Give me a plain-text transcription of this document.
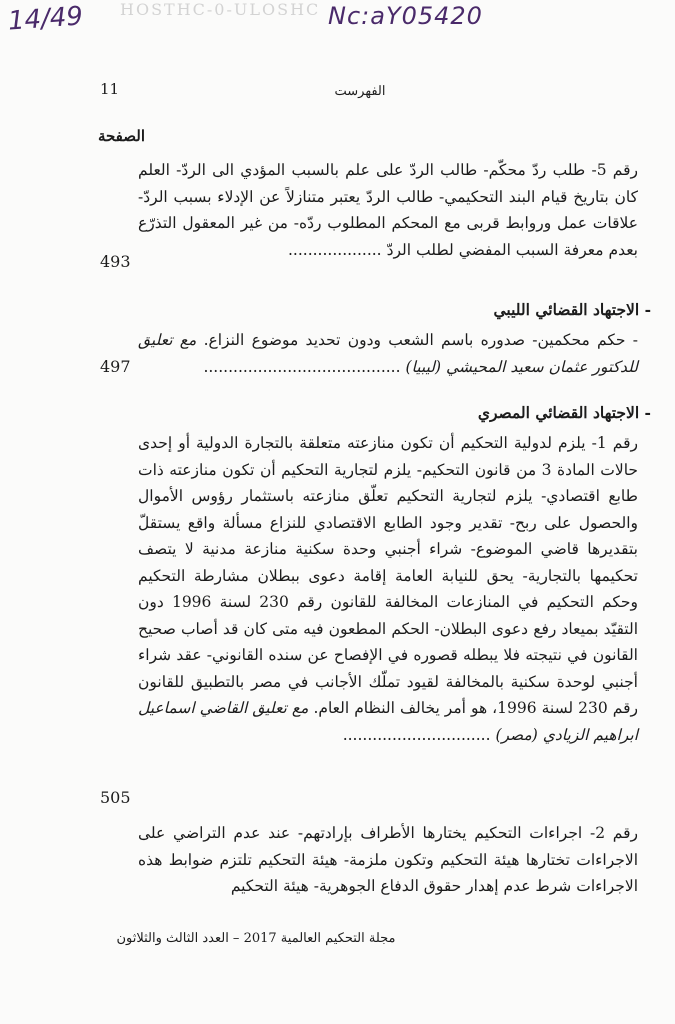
14/49 HOSTHC-0-ULOSHC Nc:aY05420
11	الفهرست
الصفحة
رقم 5- طلب ردّ محكّم- طالب الردّ على علم بالسبب المؤدي الى الردّ- العلم كان بتاريخ قيام البند التحكيمي- طالب الردّ يعتبر متنازلاً عن الإدلاء بسبب الردّ- علاقات عمل وروابط قربى مع المحكم المطلوب ردّه- من غير المعقول التذرّع بعدم معرفة السبب المفضي لطلب الردّ ...................
493
- الاجتهاد القضائي الليبي
- حكم محكمين- صدوره باسم الشعب ودون تحديد موضوع النزاع. مع تعليق للدكتور عثمان سعيد المحيشي (ليبيا) ........................................
497
- الاجتهاد القضائي المصري
رقم 1- يلزم لدولية التحكيم أن تكون منازعته متعلقة بالتجارة الدولية أو إحدى حالات المادة 3 من قانون التحكيم- يلزم لتجارية التحكيم أن تكون منازعته ذات طابع اقتصادي- يلزم لتجارية التحكيم تعلّق منازعته باستثمار رؤوس الأموال والحصول على ربح- تقدير وجود الطابع الاقتصادي للنزاع مسألة واقع يستقلّ بتقديرها قاضي الموضوع- شراء أجنبي وحدة سكنية منازعة مدنية لا يتصف تحكيمها بالتجارية- يحق للنيابة العامة إقامة دعوى ببطلان مشارطة التحكيم وحكم التحكيم في المنازعات المخالفة للقانون رقم 230 لسنة 1996 دون التقيّد بميعاد رفع دعوى البطلان- الحكم المطعون فيه متى كان قد أصاب صحيح القانون في نتيجته فلا يبطله قصوره في الإفصاح عن سنده القانوني- عقد شراء أجنبي لوحدة سكنية بالمخالفة لقيود تملّك الأجانب في مصر بالتطبيق للقانون رقم 230 لسنة 1996، هو أمر يخالف النظام العام. مع تعليق القاضي اسماعيل ابراهيم الزيادي (مصر) ..............................
505
رقم 2- اجراءات التحكيم يختارها الأطراف بإرادتهم- عند عدم التراضي على الاجراءات تختارها هيئة التحكيم وتكون ملزمة- هيئة التحكيم تلتزم ضوابط هذه الاجراءات شرط عدم إهدار حقوق الدفاع الجوهرية- هيئة التحكيم
مجلة التحكيم العالمية 2017 – العدد الثالث والثلاثون
